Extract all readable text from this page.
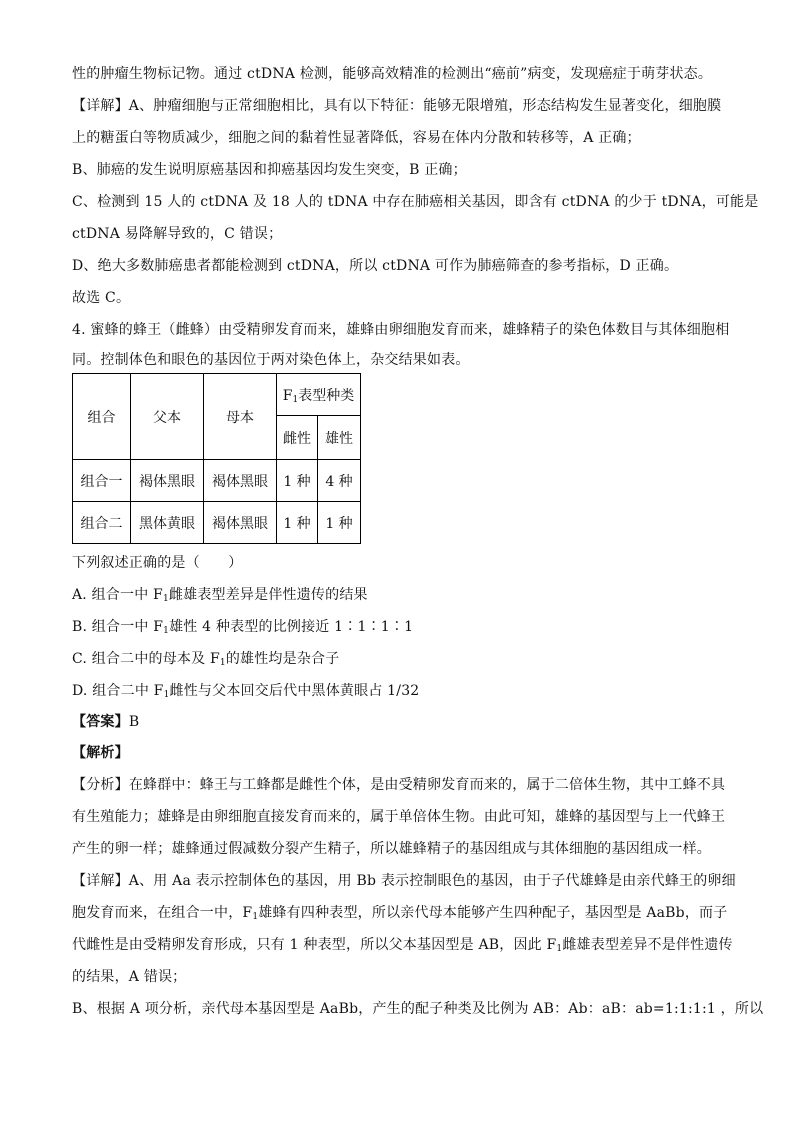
性的肿瘤生物标记物。通过 ctDNA 检测，能够高效精准的检测出“癌前”病变，发现癌症于萌芽状态。
【详解】A、肿瘤细胞与正常细胞相比，具有以下特征：能够无限增殖，形态结构发生显著变化，细胞膜
上的糖蛋白等物质减少，细胞之间的黏着性显著降低，容易在体内分散和转移等，A 正确；
B、肺癌的发生说明原癌基因和抑癌基因均发生突变，B 正确；
C、检测到 15 人的 ctDNA 及 18 人的 tDNA 中存在肺癌相关基因，即含有 ctDNA 的少于 tDNA，可能是
ctDNA 易降解导致的，C 错误；
D、绝大多数肺癌患者都能检测到 ctDNA，所以 ctDNA 可作为肺癌筛查的参考指标，D 正确。
故选 C。
4. 蜜蜂的蜂王（雌蜂）由受精卵发育而来，雄蜂由卵细胞发育而来，雄蜂精子的染色体数目与其体细胞相
同。控制体色和眼色的基因位于两对染色体上，杂交结果如表。
组合	父本	母本	$F_1$表型种类	
			雌性	雄性
组合一	褐体黑眼	褐体黑眼	1 种	4 种
组合二	黑体黄眼	褐体黑眼	1 种	1 种
下列叙述正确的是（　　）
A. 组合一中 $F_1$雌雄表型差异是伴性遗传的结果
B. 组合一中 $F_1$雄性 4 种表型的比例接近 1∶1∶1∶1
C. 组合二中的母本及 $F_1$的雄性均是杂合子
D. 组合二中 $F_1$雌性与父本回交后代中黑体黄眼占 1/32
【答案】B
【解析】
【分析】在蜂群中：蜂王与工蜂都是雌性个体，是由受精卵发育而来的，属于二倍体生物，其中工蜂不具
有生殖能力；雄蜂是由卵细胞直接发育而来的，属于单倍体生物。由此可知，雄蜂的基因型与上一代蜂王
产生的卵一样；雄蜂通过假减数分裂产生精子，所以雄蜂精子的基因组成与其体细胞的基因组成一样。
【详解】A、用 Aa 表示控制体色的基因，用 Bb 表示控制眼色的基因，由于子代雄蜂是由亲代蜂王的卵细
胞发育而来，在组合一中，$F_1$雄蜂有四种表型，所以亲代母本能够产生四种配子，基因型是 AaBb，而子
代雌性是由受精卵发育形成，只有 1 种表型，所以父本基因型是 AB，因此 $F_1$雌雄表型差异不是伴性遗传
的结果，A 错误；
B、根据 A 项分析，亲代母本基因型是 AaBb，产生的配子种类及比例为 AB：Ab：aB：ab=1:1:1:1 ，所以
